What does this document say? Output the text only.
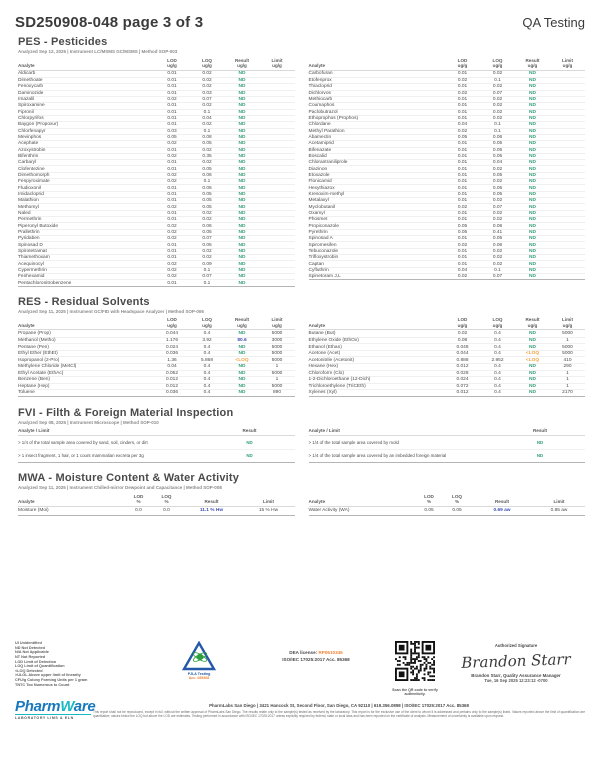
SD250908-048 page 3 of 3	QA Testing
PES - Pesticides
Analyzed Sep 12, 2025 | Instrument LC/MSMS GC/MSMS | Method SOP-003
Analyte
LOD
ug/g
LOQ
ug/g
Result
ug/g
Limit
ug/g
Aldicarb	0.01	0.02	ND
Dimethoate	0.01	0.02	ND
Fenoxycarb	0.01	0.02	ND
Daminozide	0.01	0.03	ND
Imazalil	0.02	0.07	ND
Spiroxamine	0.01	0.02	ND
Fipronil	0.01	0.1	ND
Chlorpyrifos	0.01	0.04	ND
Baygon (Propoxur)	0.01	0.02	ND
Chlorfenapyr	0.03	0.1	ND
Mevinphos	0.05	0.08	ND
Acephate	0.02	0.05	ND
Azoxystrobin	0.01	0.02	ND
Bifenthrin	0.02	0.35	ND
Carbaryl	0.01	0.02	ND
Clofentezine	0.01	0.05	ND
Dimethomorph	0.02	0.06	ND
Fenpyroximate	0.02	0.1	ND
Fludioxonil	0.01	0.05	ND
Imidacloprid	0.01	0.05	ND
Malathion	0.01	0.05	ND
Methomyl	0.02	0.05	ND
Naled	0.01	0.02	ND
Permethrin	0.01	0.02	ND
Piperonyl Butoxide	0.02	0.06	ND
Prallethrin	0.02	0.05	ND
Pyridaben	0.02	0.07	ND
Spinosad D	0.01	0.05	ND
Spirotetramat	0.01	0.02	ND
Thiamethoxam	0.01	0.02	ND
Acequinocyl	0.02	0.09	ND
Cypermethrin	0.02	0.1	ND
Fenhexamid	0.02	0.07	ND
Pentachloronitrobenzene	0.01	0.1	ND
Analyte
LOD
ug/g
LOQ
ug/g
Result
ug/g
Limit
ug/g
Carbofuran	0.01	0.02	ND
Etofenprox	0.02	0.1	ND
Thiacloprid	0.01	0.02	ND
Dichlorvos	0.02	0.07	ND
Methiocarb	0.01	0.02	ND
Coumaphos	0.01	0.02	ND
Paclobutrazol	0.01	0.02	ND
Ethoprophos (Prophos)	0.01	0.02	ND
Chlordane	0.04	0.1	ND
Methyl Parathion	0.02	0.1	ND
Abamectin	0.05	0.06	ND
Acetamiprid	0.01	0.05	ND
Bifenazate	0.01	0.05	ND
Boscalid	0.01	0.05	ND
Chlorantraniliprole	0.01	0.04	ND
Diazinon	0.01	0.02	ND
Etoxazole	0.01	0.05	ND
Flonicamid	0.01	0.02	ND
Hexythiazox	0.01	0.05	ND
Kresoxim-methyl	0.01	0.05	ND
Metalaxyl	0.01	0.02	ND
Myclobutanil	0.02	0.07	ND
Oxamyl	0.01	0.02	ND
Phosmet	0.01	0.02	ND
Propiconazole	0.05	0.06	ND
Pyrethrin	0.05	0.41	ND
Spinosad A	0.01	0.05	ND
Spiromesifen	0.02	0.06	ND
Tebuconazole	0.01	0.02	ND
Trifloxystrobin	0.01	0.02	ND
Captan	0.01	0.02	ND
Cyfluthrin	0.04	0.1	ND
Spinetoram J,L	0.02	0.07	ND
RES - Residual Solvents
Analyzed Sep 11, 2025 | Instrument GC/FID with Headspace Analyzer | Method SOP-006
Analyte
LOD
ug/g
LOQ
ug/g
Result
ug/g
Limit
ug/g
Propane (Prop)	0.044	0.4	ND	5000
Methanol (Metho)	1.176	3.92	80.6	3000
Pentane (Pen)	0.024	0.4	ND	5000
Ethyl Ether (EthEt)	0.036	0.4	ND	5000
Isopropanol (2-Pro)	1.36	5.868	<LOQ	5000
Methylene Chloride (MetCl)	0.04	0.4	ND	1
Ethyl Acetate (EthAc)	0.052	0.4	ND	5000
Benzene (Ben)	0.012	0.4	ND	1
Heptane (Hep)	0.012	0.4	ND	5000
Toluene	0.036	0.4	ND	890
Analyte
LOD
ug/g
LOQ
ug/g
Result
ug/g
Limit
ug/g
Butane (But)	0.02	0.4	ND	5000
Ethylene Oxide (EthOx)	0.08	0.4	ND	1
Ethanol (Ethan)	0.048	0.4	ND	5000
Acetone (Acet)	0.044	0.4	<LOQ	5000
Acetonitrile (Acetonit)	0.888	2.952	<LOQ	410
Hexane (Hex)	0.012	0.4	ND	290
Chloroform (Clo)	0.028	0.4	ND	1
1-2-Dichloroethane (12-Dich)	0.024	0.4	ND	1
Trichloroethylene (TriCEth)	0.072	0.4	ND	1
Xylenes (Xyl)	0.012	0.4	ND	2170
FVI - Filth & Foreign Material Inspection
Analyzed Sep 08, 2025 | Instrument Microscope | Method SOP-010
Analyte / Limit	Result
> 1/4 of the total sample area covered by sand, soil, cinders, or dirt	ND
> 1 insect fragment, 1 hair, or 1 count mammalian excreta per 3g	ND
Analyte / Limit	Result
> 1/4 of the total sample area covered by mold	ND
> 1/4 of the total sample area covered by an imbedded foreign material	ND
MWA - Moisture Content & Water Activity
Analyzed Sep 11, 2025 | Instrument Chilled-mirror Dewpoint and Capacitance | Method SOP-008
Analyte
LOD
%
LOQ
%	Result	Limit
Moisture (Moi)	0.0	0.0	11.1 % Hw	15 % Hw
Analyte
LOD
%
LOQ
%	Result	Limit
Water Activity (WA)	0.05	0.05	0.69 aw	0.85 aw
UI Unidentified
ND Not Detected
N/A Not Applicable
NT Not Reported
LOD Limit of Detection
LOQ Limit of Quantification
<LOQ Detected
>ULOL Above upper limit of linearity
CFU/g Colony Forming Units per 1 gram
TNTC Too Numerous to Count
PJLA Testing
Acc. #85368
DEA license: RP0610345
ISO/IEC 17025:2017 Acc. 85368
Scan the QR code to verify authenticity.
Authorized Signature
Brandon Starr
Brandon Starr, Quality Assurance Manager
Tue, 16 Sep 2025 12:23:12 -0700
PharmLabs San Diego | 3421 Hancock St, Second Floor, San Diego, CA 92110 | 619.356.0898 | ISO/IEC 17025:2017 Acc. 85368
This report shall not be reproduced, except in full, without the written approval of PharmLabs San Diego. The results relate only to the sample(s) tested as received by the laboratory. This report is for the exclusive use of the client to whom it is addressed and pertains only to the sample(s) listed. Values reported above the limit of quantification are quantitative; values below the LOQ but above the LOD are estimates. Testing performed in accordance with ISO/IEC 17025:2017 unless explicitly required by federal, state or local laws and has been reported on the certificate of analysis. Measurement of uncertainty is available upon request.
PharmWare
LABORATORY LIMS & ELN
